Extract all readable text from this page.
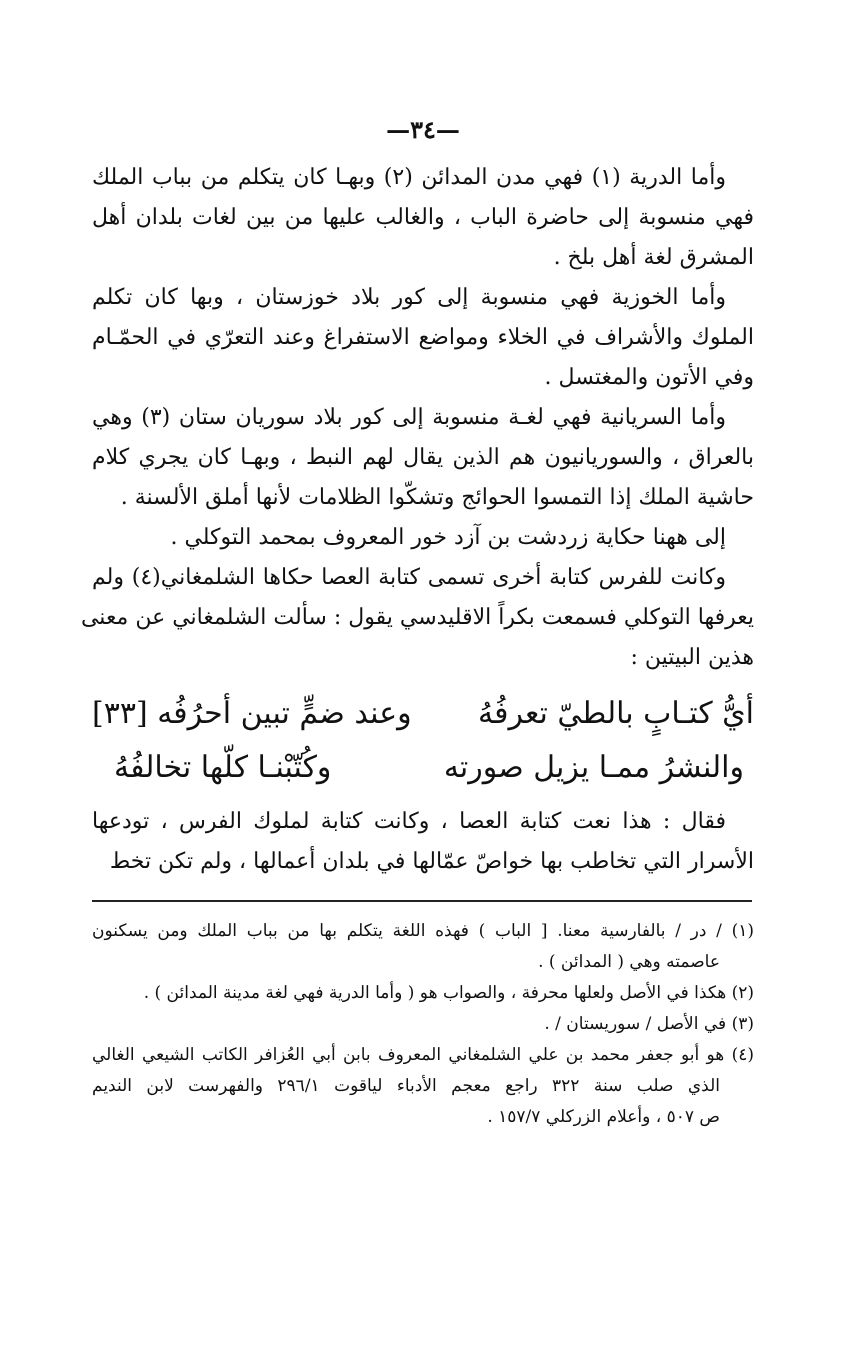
—٣٤—
وأما الدرية (١) فهي مدن المدائن (٢) وبهـا كان يتكلم من بباب الملك
فهي منسوبة إلى حاضرة الباب ، والغالب عليها من بين لغات بلدان أهل
المشرق لغة أهل بلخ .
وأما الخوزية فهي منسوبة إلى كور بلاد خوزستان ، وبها كان تكلم
الملوك والأشراف في الخلاء ومواضع الاستفراغ وعند التعرّي في الحمّـام
وفي الأتون والمغتسل .
وأما السريانية فهي لغـة منسوبة إلى كور بلاد سوريان ستان (٣) وهي
بالعراق ، والسوريانيون هم الذين يقال لهم النبط ، وبهـا كان يجري كلام
حاشية الملك إذا التمسوا الحوائج وتشكّوا الظلامات لأنها أملق الألسنة .
إلى ههنا حكاية زردشت بن آزد خور المعروف بمحمد التوكلي .
وكانت للفرس كتابة أخرى تسمى كتابة العصا حكاها الشلمغاني(٤) ولم
يعرفها التوكلي فسمعت بكراً الاقليدسي يقول : سألت الشلمغاني عن معنى
هذين البيتين :
أيُّ كتـابٍ بالطيّ تعرفُهُ
وعند ضمٍّ تبين أحرُفُه [٣٣]
والنشرُ ممـا يزيل صورته
وكُتّبْنـا كلّها تخالفُهُ
فقال : هذا نعت كتابة العصا ، وكانت كتابة لملوك الفرس ، تودعها
الأسرار التي تخاطب بها خواصّ عمّالها في بلدان أعمالها ، ولم تكن تخط
(١) / در / بالفارسية معنا. [ الباب ) فهذه اللغة يتكلم بها من بباب الملك ومن يسكنون
عاصمته وهي ( المدائن ) .
(٢) هكذا في الأصل ولعلها محرفة ، والصواب هو ( وأما الدرية فهي لغة مدينة المدائن ) .
(٣) في الأصل / سوريستان / .
(٤) هو أبو جعفر محمد بن علي الشلمغاني المعروف بابن أبي العُزافر الكاتب الشيعي الغالي
الذي صلب سنة ٣٢٢ راجع معجم الأدباء لياقوت ٢٩٦/١ والفهرست لابن النديم
ص ٥٠٧ ، وأعلام الزركلي ١٥٧/٧ .
